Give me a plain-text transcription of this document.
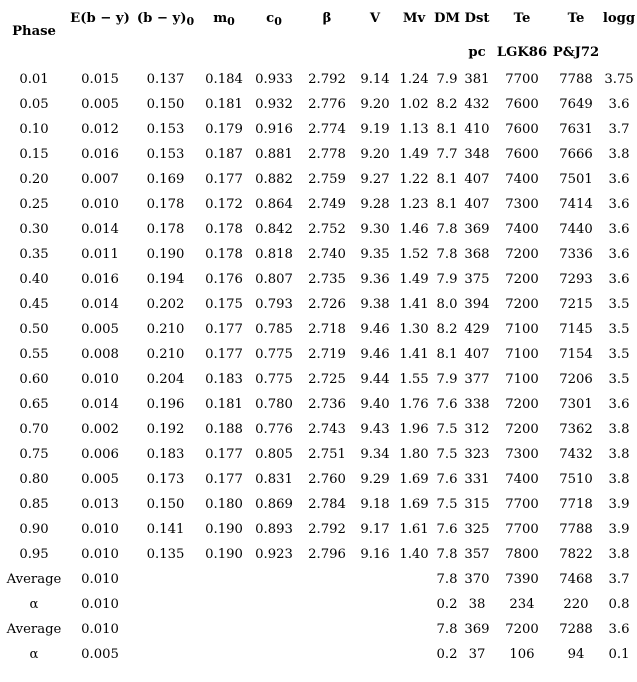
Phase	E(b − y)	$(b - y)_0$	$m_0$	$c_0$	β	V	Mv	DM	Dst	Te	Te	logg
									pc	LGK86	P&J72	
0.01	0.015	0.137	0.184	0.933	2.792	9.14	1.24	7.9	381	7700	7788	3.75
0.05	0.005	0.150	0.181	0.932	2.776	9.20	1.02	8.2	432	7600	7649	3.6
0.10	0.012	0.153	0.179	0.916	2.774	9.19	1.13	8.1	410	7600	7631	3.7
0.15	0.016	0.153	0.187	0.881	2.778	9.20	1.49	7.7	348	7600	7666	3.8
0.20	0.007	0.169	0.177	0.882	2.759	9.27	1.22	8.1	407	7400	7501	3.6
0.25	0.010	0.178	0.172	0.864	2.749	9.28	1.23	8.1	407	7300	7414	3.6
0.30	0.014	0.178	0.178	0.842	2.752	9.30	1.46	7.8	369	7400	7440	3.6
0.35	0.011	0.190	0.178	0.818	2.740	9.35	1.52	7.8	368	7200	7336	3.6
0.40	0.016	0.194	0.176	0.807	2.735	9.36	1.49	7.9	375	7200	7293	3.6
0.45	0.014	0.202	0.175	0.793	2.726	9.38	1.41	8.0	394	7200	7215	3.5
0.50	0.005	0.210	0.177	0.785	2.718	9.46	1.30	8.2	429	7100	7145	3.5
0.55	0.008	0.210	0.177	0.775	2.719	9.46	1.41	8.1	407	7100	7154	3.5
0.60	0.010	0.204	0.183	0.775	2.725	9.44	1.55	7.9	377	7100	7206	3.5
0.65	0.014	0.196	0.181	0.780	2.736	9.40	1.76	7.6	338	7200	7301	3.6
0.70	0.002	0.192	0.188	0.776	2.743	9.43	1.96	7.5	312	7200	7362	3.8
0.75	0.006	0.183	0.177	0.805	2.751	9.34	1.80	7.5	323	7300	7432	3.8
0.80	0.005	0.173	0.177	0.831	2.760	9.29	1.69	7.6	331	7400	7510	3.8
0.85	0.013	0.150	0.180	0.869	2.784	9.18	1.69	7.5	315	7700	7718	3.9
0.90	0.010	0.141	0.190	0.893	2.792	9.17	1.61	7.6	325	7700	7788	3.9
0.95	0.010	0.135	0.190	0.923	2.796	9.16	1.40	7.8	357	7800	7822	3.8
Average	0.010							7.8	370	7390	7468	3.7
α	0.010							0.2	38	234	220	0.8
Average	0.010							7.8	369	7200	7288	3.6
α	0.005							0.2	37	106	94	0.1
